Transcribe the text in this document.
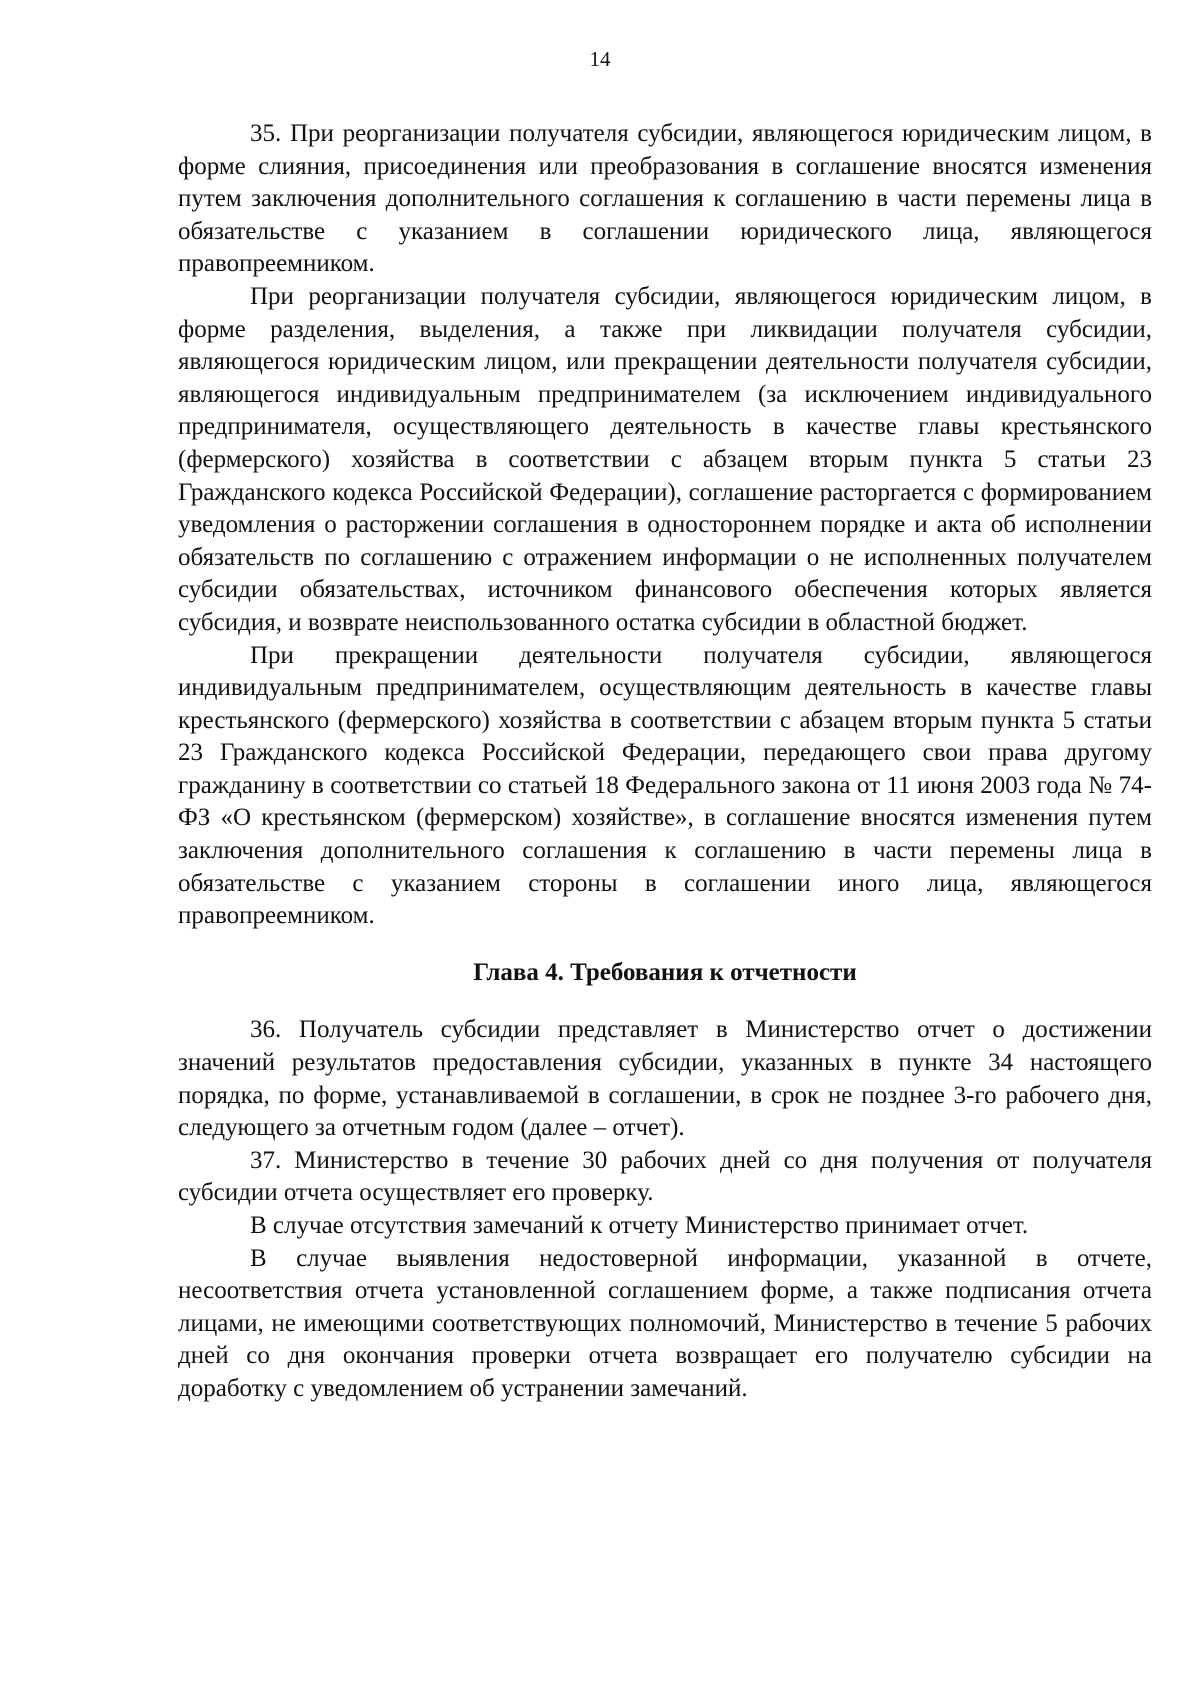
14

35. При реорганизации получателя субсидии, являющегося юридическим лицом, в форме слияния, присоединения или преобразования в соглашение вносятся изменения путем заключения дополнительного соглашения к соглашению в части перемены лица в обязательстве с указанием в соглашении юридического лица, являющегося правопреемником.

При реорганизации получателя субсидии, являющегося юридическим лицом, в форме разделения, выделения, а также при ликвидации получателя субсидии, являющегося юридическим лицом, или прекращении деятельности получателя субсидии, являющегося индивидуальным предпринимателем (за исключением индивидуального предпринимателя, осуществляющего деятельность в качестве главы крестьянского (фермерского) хозяйства в соответствии с абзацем вторым пункта 5 статьи 23 Гражданского кодекса Российской Федерации), соглашение расторгается с формированием уведомления о расторжении соглашения в одностороннем порядке и акта об исполнении обязательств по соглашению с отражением информации о не исполненных получателем субсидии обязательствах, источником финансового обеспечения которых является субсидия, и возврате неиспользованного остатка субсидии в областной бюджет.

При прекращении деятельности получателя субсидии, являющегося индивидуальным предпринимателем, осуществляющим деятельность в качестве главы крестьянского (фермерского) хозяйства в соответствии с абзацем вторым пункта 5 статьи 23 Гражданского кодекса Российской Федерации, передающего свои права другому гражданину в соответствии со статьей 18 Федерального закона от 11 июня 2003 года № 74-ФЗ «О крестьянском (фермерском) хозяйстве», в соглашение вносятся изменения путем заключения дополнительного соглашения к соглашению в части перемены лица в обязательстве с указанием стороны в соглашении иного лица, являющегося правопреемником.

Глава 4. Требования к отчетности

36. Получатель субсидии представляет в Министерство отчет о достижении значений результатов предоставления субсидии, указанных в пункте 34 настоящего порядка, по форме, устанавливаемой в соглашении, в срок не позднее 3-го рабочего дня, следующего за отчетным годом (далее – отчет).

37. Министерство в течение 30 рабочих дней со дня получения от получателя субсидии отчета осуществляет его проверку.

В случае отсутствия замечаний к отчету Министерство принимает отчет.

В случае выявления недостоверной информации, указанной в отчете, несоответствия отчета установленной соглашением форме, а также подписания отчета лицами, не имеющими соответствующих полномочий, Министерство в течение 5 рабочих дней со дня окончания проверки отчета возвращает его получателю субсидии на доработку с уведомлением об устранении замечаний.
